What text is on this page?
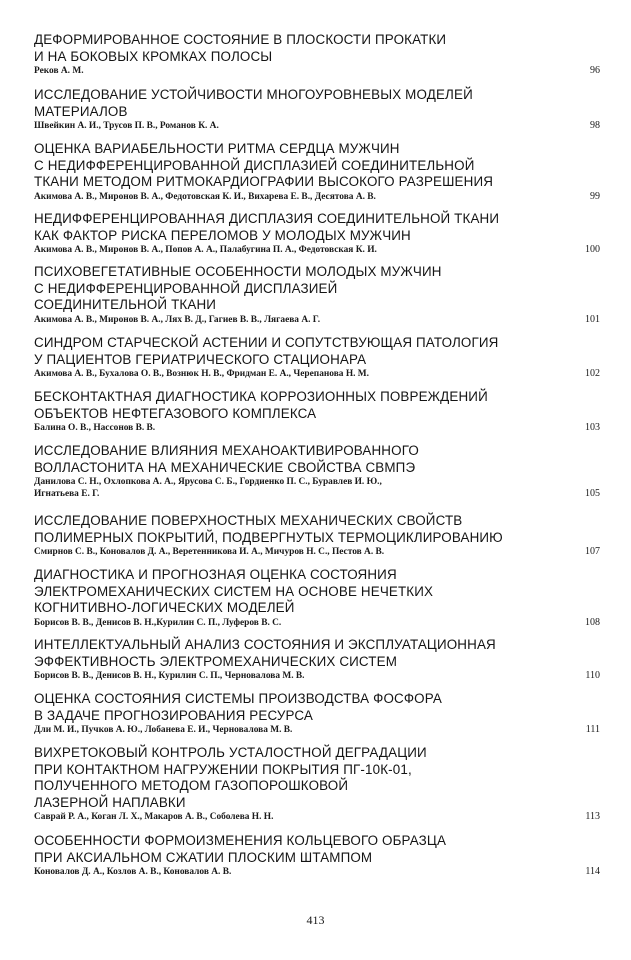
ДЕФОРМИРОВАННОЕ СОСТОЯНИЕ В ПЛОСКОСТИ ПРОКАТКИ
И НА БОКОВЫХ КРОМКАХ ПОЛОСЫ
Реков А. М.	96
ИССЛЕДОВАНИЕ УСТОЙЧИВОСТИ МНОГОУРОВНЕВЫХ МОДЕЛЕЙ
МАТЕРИАЛОВ
Швейкин А. И., Трусов П. В., Романов К. А.	98
ОЦЕНКА ВАРИАБЕЛЬНОСТИ РИТМА СЕРДЦА МУЖЧИН
С НЕДИФФЕРЕНЦИРОВАННОЙ ДИСПЛАЗИЕЙ СОЕДИНИТЕЛЬНОЙ
ТКАНИ МЕТОДОМ РИТМОКАРДИОГРАФИИ ВЫСОКОГО РАЗРЕШЕНИЯ
Акимова А. В., Миронов В. А., Федотовская К. И., Вихарева Е. В., Десятова А. В.	99
НЕДИФФЕРЕНЦИРОВАННАЯ ДИСПЛАЗИЯ СОЕДИНИТЕЛЬНОЙ ТКАНИ
КАК ФАКТОР РИСКА ПЕРЕЛОМОВ У МОЛОДЫХ МУЖЧИН
Акимова А. В., Миронов В. А., Попов А. А., Палабугина П. А., Федотовская К. И.	100
ПСИХОВЕГЕТАТИВНЫЕ ОСОБЕННОСТИ МОЛОДЫХ МУЖЧИН
С НЕДИФФЕРЕНЦИРОВАННОЙ ДИСПЛАЗИЕЙ
СОЕДИНИТЕЛЬНОЙ ТКАНИ
Акимова А. В., Миронов В. А., Лях В. Д., Гагиев В. В., Лягаева А. Г.	101
СИНДРОМ СТАРЧЕСКОЙ АСТЕНИИ И СОПУТСТВУЮЩАЯ ПАТОЛОГИЯ
У ПАЦИЕНТОВ ГЕРИАТРИЧЕСКОГО СТАЦИОНАРА
Акимова А. В., Бухалова О. В., Вознюк Н. В., Фридман Е. А., Черепанова Н. М.	102
БЕСКОНТАКТНАЯ ДИАГНОСТИКА КОРРОЗИОННЫХ ПОВРЕЖДЕНИЙ
ОБЪЕКТОВ НЕФТЕГАЗОВОГО КОМПЛЕКСА
Балина О. В., Нассонов В. В.	103
ИССЛЕДОВАНИЕ ВЛИЯНИЯ МЕХАНОАКТИВИРОВАННОГО
ВОЛЛАСТОНИТА НА МЕХАНИЧЕСКИЕ СВОЙСТВА СВМПЭ
Данилова С. Н., Охлопкова А. А., Ярусова С. Б., Гордиенко П. С., Буравлев И. Ю.,
Игнатьева Е. Г.	105
ИССЛЕДОВАНИЕ ПОВЕРХНОСТНЫХ МЕХАНИЧЕСКИХ СВОЙСТВ
ПОЛИМЕРНЫХ ПОКРЫТИЙ, ПОДВЕРГНУТЫХ ТЕРМОЦИКЛИРОВАНИЮ
Смирнов С. В., Коновалов Д. А., Веретенникова И. А., Мичуров Н. С., Пестов А. В.	107
ДИАГНОСТИКА И ПРОГНОЗНАЯ ОЦЕНКА СОСТОЯНИЯ
ЭЛЕКТРОМЕХАНИЧЕСКИХ СИСТЕМ НА ОСНОВЕ НЕЧЕТКИХ
КОГНИТИВНО-ЛОГИЧЕСКИХ МОДЕЛЕЙ
Борисов В. В., Денисов В. Н.,Курилин С. П., Луферов В. С.	108
ИНТЕЛЛЕКТУАЛЬНЫЙ АНАЛИЗ СОСТОЯНИЯ И ЭКСПЛУАТАЦИОННАЯ
ЭФФЕКТИВНОСТЬ ЭЛЕКТРОМЕХАНИЧЕСКИХ СИСТЕМ
Борисов В. В., Денисов В. Н., Курилин С. П., Черновалова М. В.	110
ОЦЕНКА СОСТОЯНИЯ СИСТЕМЫ ПРОИЗВОДСТВА ФОСФОРА
В ЗАДАЧЕ ПРОГНОЗИРОВАНИЯ РЕСУРСА
Дли М. И., Пучков А. Ю., Лобанева Е. И., Черновалова М. В.	111
ВИХРЕТОКОВЫЙ КОНТРОЛЬ УСТАЛОСТНОЙ ДЕГРАДАЦИИ
ПРИ КОНТАКТНОМ НАГРУЖЕНИИ ПОКРЫТИЯ ПГ-10К-01,
ПОЛУЧЕННОГО МЕТОДОМ ГАЗОПОРОШКОВОЙ
ЛАЗЕРНОЙ НАПЛАВКИ
Саврай Р. А., Коган Л. Х., Макаров А. В., Соболева Н. Н.	113
ОСОБЕННОСТИ ФОРМОИЗМЕНЕНИЯ КОЛЬЦЕВОГО ОБРАЗЦА
ПРИ АКСИАЛЬНОМ СЖАТИИ ПЛОСКИМ ШТАМПОМ
Коновалов Д. А., Козлов А. В., Коновалов А. В.	114
413
